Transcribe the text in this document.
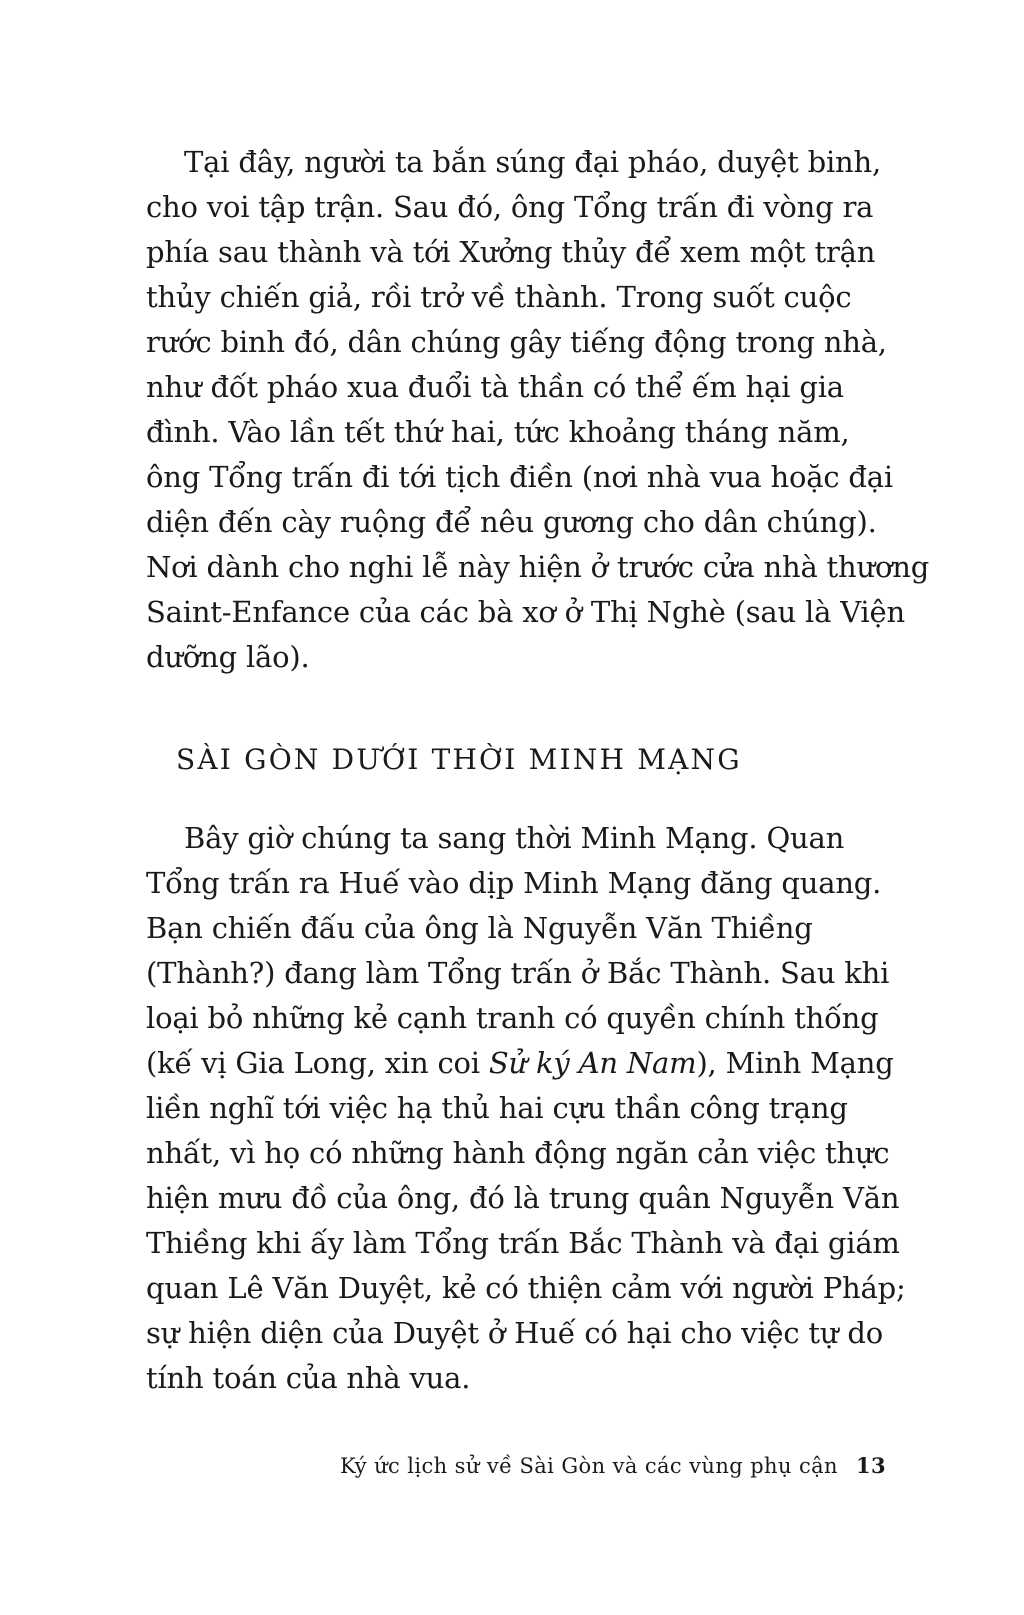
Tại đây, người ta bắn súng đại pháo, duyệt binh,
cho voi tập trận. Sau đó, ông Tổng trấn đi vòng ra
phía sau thành và tới Xưởng thủy để xem một trận
thủy chiến giả, rồi trở về thành. Trong suốt cuộc
rước binh đó, dân chúng gây tiếng động trong nhà,
như đốt pháo xua đuổi tà thần có thể ếm hại gia
đình. Vào lần tết thứ hai, tức khoảng tháng năm,
ông Tổng trấn đi tới tịch điền (nơi nhà vua hoặc đại
diện đến cày ruộng để nêu gương cho dân chúng).
Nơi dành cho nghi lễ này hiện ở trước cửa nhà thương
Saint-Enfance của các bà xơ ở Thị Nghè (sau là Viện
dưỡng lão).

SÀI GÒN DƯỚI THỜI MINH MẠNG

Bây giờ chúng ta sang thời Minh Mạng. Quan
Tổng trấn ra Huế vào dịp Minh Mạng đăng quang.
Bạn chiến đấu của ông là Nguyễn Văn Thiềng
(Thành?) đang làm Tổng trấn ở Bắc Thành. Sau khi
loại bỏ những kẻ cạnh tranh có quyền chính thống
(kế vị Gia Long, xin coi Sử ký An Nam), Minh Mạng
liền nghĩ tới việc hạ thủ hai cựu thần công trạng
nhất, vì họ có những hành động ngăn cản việc thực
hiện mưu đồ của ông, đó là trung quân Nguyễn Văn
Thiềng khi ấy làm Tổng trấn Bắc Thành và đại giám
quan Lê Văn Duyệt, kẻ có thiện cảm với người Pháp;
sự hiện diện của Duyệt ở Huế có hại cho việc tự do
tính toán của nhà vua.

Ký ức lịch sử về Sài Gòn và các vùng phụ cận 13
